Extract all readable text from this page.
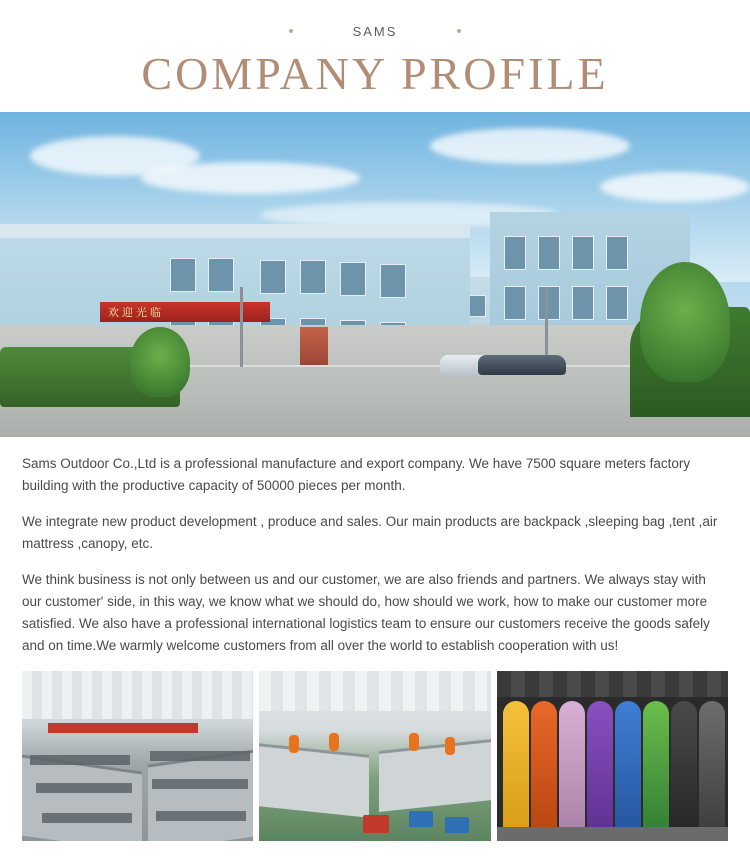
SAMS
COMPANY PROFILE
欢迎光临

Sams Outdoor Co.,Ltd is a professional manufacture and export company. We have 7500 square meters factory building with the productive capacity of 50000 pieces per month.

We integrate new product development , produce and sales. Our main products are backpack ,sleeping bag ,tent ,air mattress ,canopy, etc.

We think business is not only between us and our customer, we are also friends and partners. We always stay with our customer' side, in this way, we know what we should do, how should we work, how to make our customer more satisfied. We also have a professional international logistics team to ensure our customers receive the goods safely and on time.We warmly welcome customers from all over the world to establish cooperation with us!
